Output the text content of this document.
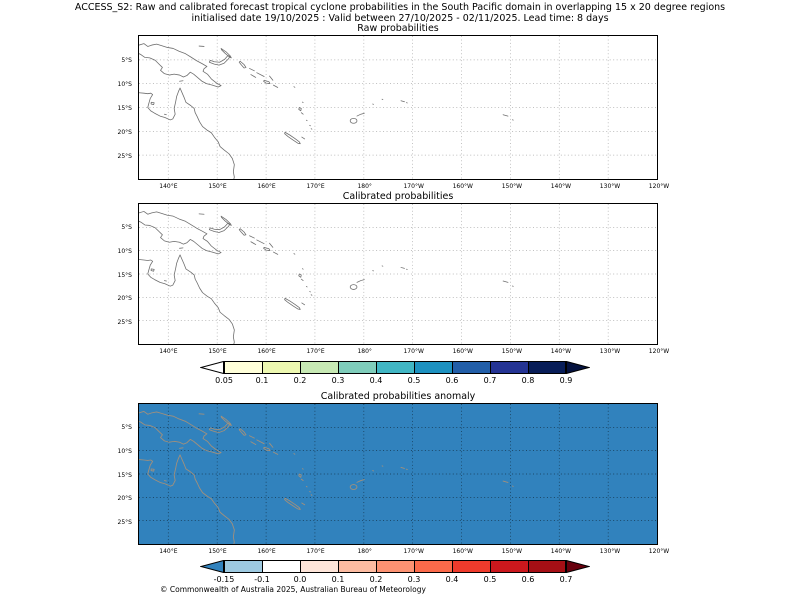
ACCESS_S2: Raw and calibrated forecast tropical cyclone probabilities in the South Pacific domain in overlapping 15 x 20 degree regions
initialised date 19/10/2025 : Valid between 27/10/2025 - 02/11/2025. Lead time: 8 days
Raw probabilities
140°E	150°E	160°E	170°E	180°	170°W	160°W	150°W	140°W	130°W	120°W
5°S
10°S
15°S
20°S
25°S
Calibrated probabilities
140°E	150°E	160°E	170°E	180°	170°W	160°W	150°W	140°W	130°W	120°W
5°S
10°S
15°S
20°S
25°S
0.05	0.1	0.2	0.3	0.4	0.5	0.6	0.7	0.8	0.9
Calibrated probabilities anomaly
140°E	150°E	160°E	170°E	180°	170°W	160°W	150°W	140°W	130°W	120°W
5°S
10°S
15°S
20°S
25°S
-0.15 -0.1	0.0	0.1	0.2	0.3	0.4	0.5	0.6	0.7
© Commonwealth of Australia 2025, Australian Bureau of Meteorology
